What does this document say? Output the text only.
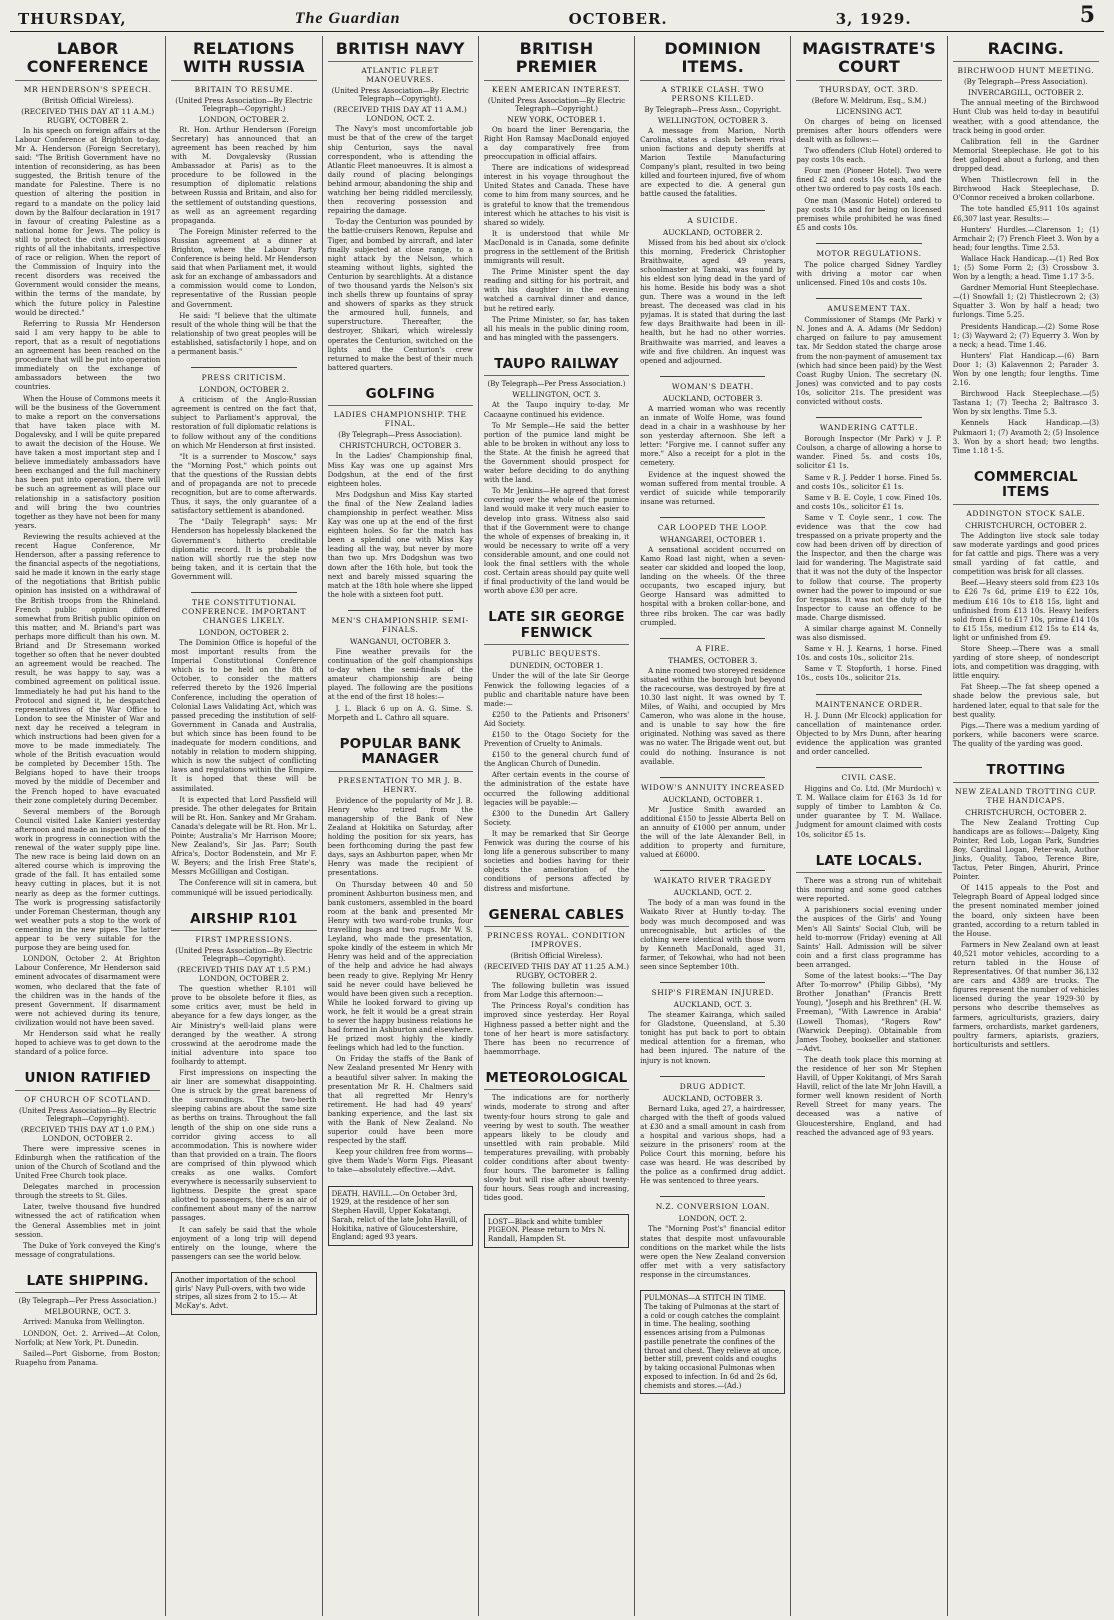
THURSDAY,	The Guardian	OCTOBER.	3, 1929.	5
LABOR CONFERENCE
MR HENDERSON'S SPEECH.
(British Official Wireless).
(RECEIVED THIS DAY AT 11 A.M.) RUGBY, OCTOBER 2.

In his speech on foreign affairs at the Labour Conference at Brighton to-day, Mr A. Henderson (Foreign Secretary), said: "The British Government have no intention of reconsidering, as has been suggested, the British tenure of the mandate for Palestine. There is no question of altering the position in regard to a mandate on the policy laid down by the Balfour declaration in 1917 in favour of creating Palestine as a national home for Jews. The policy is still to protect the civil and religious rights of all the inhabitants, irrespective of race or religion. When the report of the Commission of Inquiry into the recent disorders was received the Government would consider the means, within the terms of the mandate, by which the future policy in Palestine would be directed."

Referring to Russia Mr Henderson said I am very happy to be able to report, that as a result of negotiations an agreement has been reached on the procedure that will be put into operation immediately on the exchange of ambassadors between the two countries.

When the House of Commons meets it will be the business of the Government to make a report on the conversations that have taken place with M. Dogalevsky, and I will be quite prepared to await the decision of the House. We have taken a most important step and I believe immediately ambassadors have been exchanged and the full machinery has been put into operation, there will be such an agreement as will place our relationship in a satisfactory position and will bring the two countries together as they have not been for many years.

Reviewing the results achieved at the recent Hague Conference, Mr Henderson, after a passing reference to the financial aspects of the negotiations, said he made it known in the early stage of the negotiations that British public opinion has insisted on a withdrawal of the British troops from the Rhineland. French public opinion differed somewhat from British public opinion on this matter, and M. Briand's part was perhaps more difficult than his own. M. Briand and Dr Stresemann worked together so often that he never doubted an agreement would be reached. The result, he was happy to say, was a combined agreement on political issue. Immediately he had put his hand to the Protocol and signed it, he despatched representatives of the War Office to London to see the Minister of War and next day he received a telegram in which instructions had been given for a move to be made immediately. The whole of the British evacuation would be completed by December 15th. The Belgians hoped to have their troops moved by the middle of December and the French hoped to have evacuated their zone completely during December.

Several members of the Borough Council visited Lake Kanieri yesterday afternoon and made an inspection of the work in progress in connection with the renewal of the water supply pipe line. The new race is being laid down on an altered course which is improving the grade of the fall. It has entailed some heavy cutting in places, but it is not nearly as deep as the former cuttings. The work is progressing satisfactorily under Foreman Chesterman, though any wet weather puts a stop to the work of cementing in the new pipes. The latter appear to be very suitable for the purpose they are being used for.

LONDON, October 2. At Brighton Labour Conference, Mr Henderson said eminent advocates of disarmament were women, who declared that the fate of the children was in the hands of the present Government. If disarmament were not achieved during its tenure, civilization would not have been saved.

Mr Henderson said what he really hoped to achieve was to get down to the standard of a police force.

UNION RATIFIED
OF CHURCH OF SCOTLAND.
(United Press Association—By Electric Telegraph—Copyright).
(RECEIVED THIS DAY AT 1.0 P.M.) LONDON, OCTOBER 2.

There were impressive scenes in Edinburgh when the ratification of the union of the Church of Scotland and the United Free Church took place.

Delegates marched in procession through the streets to St. Giles.

Later, twelve thousand five hundred witnessed the act of ratification when the General Assemblies met in joint session.

The Duke of York conveyed the King's message of congratulations.

LATE SHIPPING.
(By Telegraph—Per Press Association.)
MELBOURNE, OCT. 3.

Arrived: Manuka from Wellington.

LONDON, Oct. 2. Arrived—At Colon, Norfolk; at New York, Pt. Dunedin.

Sailed—Port Gisborne, from Boston; Ruapehu from Panama.

RELATIONS WITH RUSSIA
BRITAIN TO RESUME.
(United Press Association—By Electric Telegraph—Copyright.)
LONDON, OCTOBER 2.

Rt. Hon. Arthur Henderson (Foreign Secretary) has announced that an agreement has been reached by him with M. Dovgalevsky (Russian Ambassador at Paris) as to the procedure to be followed in the resumption of diplomatic relations between Russia and Britain, and also for the settlement of outstanding questions, as well as an agreement regarding propaganda.

The Foreign Minister referred to the Russian agreement at a dinner at Brighton, where the Labour Party Conference is being held. Mr Henderson said that when Parliament met, it would ask for an exchange of ambassadors and a commission would come to London, representative of the Russian people and Government.

He said: "I believe that the ultimate result of the whole thing will be that the relationship of two great peoples will be established, satisfactorily I hope, and on a permanent basis."

PRESS CRITICISM.
LONDON, OCTOBER 2.

A criticism of the Anglo-Russian agreement is centred on the fact that, subject to Parliament's approval, the restoration of full diplomatic relations is to follow without any of the conditions on which Mr Henderson at first insisted.

"It is a surrender to Moscow," says the "Morning Post," which points out that the questions of the Russian debts and of propaganda are not to precede recognition, but are to come afterwards. Thus, it says, the only guarantee of a satisfactory settlement is abandoned.

The "Daily Telegraph" says: Mr Henderson has hopelessly blackened the Government's hitherto creditable diplomatic record. It is probable the nation will shortly rue the step now being taken, and it is certain that the Government will.

THE CONSTITUTIONAL CONFERENCE. IMPORTANT CHANGES LIKELY.
LONDON, OCTOBER 2.

The Dominion Office is hopeful of the most important results from the Imperial Constitutional Conference which is to be held on the 8th of October, to consider the matters referred thereto by the 1926 Imperial Conference, including the operation of Colonial Laws Validating Act, which was passed preceding the institution of self-Government in Canada and Australia, but which since has been found to be inadequate for modern conditions, and notably in relation to modern shipping, which is now the subject of conflicting laws and regulations within the Empire. It is hoped that these will be assimilated.

It is expected that Lord Passfield will preside. The other delegates for Britain will be Rt. Hon. Sankey and Mr Graham. Canada's delegate will be Rt. Hon. Mr L. Pointe; Australia's Mr Harrison Moore; New Zealand's, Sir Jas. Parr; South Africa's, Doctor Bodenstein, and Mr F. W. Beyers; and the Irish Free State's, Messrs McGilligan and Costigan.

The Conference will sit in camera, but communiqué will be issued periodically.

AIRSHIP R101
FIRST IMPRESSIONS.
(United Press Association—By Electric Telegraph—Copyright).
(RECEIVED THIS DAY AT 1.5 P.M.) LONDON, OCTOBER 2.

The question whether R.101 will prove to be obsolete before it flies, as some critics aver, must be held in abeyance for a few days longer, as the Air Ministry's well-laid plans were deranged by the weather. A strong crosswind at the aerodrome made the initial adventure into space too foolhardy to attempt.

First impressions on inspecting the air liner are somewhat disappointing. One is struck by the great bareness of the surroundings. The two-berth sleeping cabins are about the same size as berths on trains. Throughout the fall length of the ship on one side runs a corridor giving access to all accommodation. This is nowhere wider than that provided on a train. The floors are comprised of thin plywood which creaks as one walks. Comfort everywhere is necessarily subservient to lightness. Despite the great space allotted to passengers, there is an air of confinement about many of the narrow passages.

It can safely be said that the whole enjoyment of a long trip will depend entirely on the lounge, where the passengers can see the world below.

Another importation of the school girls' Navy Pull-overs, with two wide stripes, all sizes from 2 to 15.— At McKay's. Advt.
BRITISH NAVY
ATLANTIC FLEET MANOEUVRES.
(United Press Association—By Electric Telegraph—Copyright).
(RECEIVED THIS DAY AT 11 A.M.) LONDON, OCT. 2.

The Navy's most uncomfortable job must be that of the crew of the target ship Centurion, says the naval correspondent, who is attending the Atlantic Fleet manoeuvres. It is almost a daily round of placing belongings behind armour, abandoning the ship and watching her being riddled mercilessly, then recovering possession and repairing the damage.

To-day the Centurion was pounded by the battle-cruisers Renown, Repulse and Tiger, and bombed by aircraft, and later finally subjected at close range, to a night attack by the Nelson, which steaming without lights, sighted the Centurion by searchlights. At a distance of two thousand yards the Nelson's six inch shells threw up fountains of spray and showers of sparks as they struck the armoured hull, funnels, and superstructure. Thereafter, the destroyer, Shikari, which wirelessly operates the Centurion, switched on the lights and the Centurion's crew returned to make the best of their much battered quarters.

GOLFING
LADIES CHAMPIONSHIP. THE FINAL.
(By Telegraph—Press Association).
CHRISTCHURCH, OCTOBER 3.

In the Ladies' Championship final, Miss Kay was one up against Mrs Dodgshun, at the end of the first eighteen holes.

Mrs Dodgshun and Miss Kay started the final of the New Zealand ladies championship in perfect weather. Miss Kay was one up at the end of the first eighteen holes. So far the match has been a splendid one with Miss Kay leading all the way, but never by more than two up. Mrs Dodgshun was two down after the 16th hole, but took the next and barely missed squaring the match at the 18th hole where she lipped the hole with a sixteen foot putt.

MEN'S CHAMPIONSHIP. SEMI-FINALS.
WANGANUI, OCTOBER 3.

Fine weather prevails for the continuation of the golf championships to-day when the semi-finals of the amateur championship are being played. The following are the positions at the end of the first 18 holes:—

J. L. Black 6 up on A. G. Sime. S. Morpeth and L. Cathro all square.

POPULAR BANK MANAGER
PRESENTATION TO MR J. B. HENRY.

Evidence of the popularity of Mr J. B. Henry who retired from the managership of the Bank of New Zealand at Hokitika on Saturday, after holding the position for six years, has been forthcoming during the past few days, says an Ashburton paper, when Mr Henry was made the recipient of presentations.

On Thursday between 40 and 50 prominent Ashburton business men, and bank customers, assembled in the board room at the bank and presented Mr Henry with two ward-robe trunks, four travelling bags and two rugs. Mr W. S. Leyland, who made the presentation, spoke kindly of the esteem in which Mr Henry was held and of the appreciation of the help and advice he had always been ready to give. Replying Mr Henry said he never could have believed he would have been given such a reception. While he looked forward to giving up work, he felt it would be a great strain to sever the happy business relations he had formed in Ashburton and elsewhere. He prized most highly the kindly feelings which had led to the function.

On Friday the staffs of the Bank of New Zealand presented Mr Henry with a beautiful silver salver. In making the presentation Mr R. H. Chalmers said that all regretted Mr Henry's retirement. He had had 49 years' banking experience, and the last six with the Bank of New Zealand. No superior could have been more respected by the staff.

Keep your children free from worms—give them Wade's Worm Figs. Pleasant to take—absolutely effective.—Advt.

DEATH. HAVILL.—On October 3rd, 1929, at the residence of her son Stephen Havill, Upper Kokatangi, Sarah, relict of the late John Havill, of Hokitika, native of Gloucestershire, England; aged 93 years.
BRITISH PREMIER
KEEN AMERICAN INTEREST.
(United Press Association—By Electric Telegraph—Copyright.)
NEW YORK, OCTOBER 1.

On board the liner Berengaria, the Right Hon Ramsay MacDonald enjoyed a day comparatively free from preoccupation in official affairs.

There are indications of widespread interest in his voyage throughout the United States and Canada. These have come to him from many sources, and he is grateful to know that the tremendous interest which he attaches to his visit is shared so widely.

It is understood that while Mr MacDonald is in Canada, some definite progress in the settlement of the British immigrants will result.

The Prime Minister spent the day reading and sitting for his portrait, and with his daughter in the evening watched a carnival dinner and dance, but he retired early.

The Prime Minister, so far, has taken all his meals in the public dining room, and has mingled with the passengers.

TAUPO RAILWAY
(By Telegraph—Per Press Association.)
WELLINGTON, OCT. 3.

At the Taupo inquiry to-day, Mr Cacaayne continued his evidence.

To Mr Semple—He said the better portion of the pumice land might be able to be broken in without any loss to the State. At the finish he agreed that the Government should prospect for water before deciding to do anything with the land.

To Mr Jenkins—He agreed that forest covering over the whole of the pumice land would make it very much easier to develop into grass. Witness also said that if the Government were to change the whole of expenses of breaking in, it would be necessary to write off a very considerable amount, and one could not look the final settlers with the whole cost. Certain areas should pay quite well if final productivity of the land would be worth above £30 per acre.

LATE SIR GEORGE FENWICK
PUBLIC BEQUESTS.
DUNEDIN, OCTOBER 1.

Under the will of the late Sir George Fenwick the following legacies of a public and charitable nature have been made:—

£250 to the Patients and Prisoners' Aid Society.

£150 to the Otago Society for the Prevention of Cruelty to Animals.

£150 to the general church fund of the Anglican Church of Dunedin.

After certain events in the course of the administration of the estate have occurred the following additional legacies will be payable:—

£300 to the Dunedin Art Gallery Society.

It may be remarked that Sir George Fenwick was during the course of his long life a generous subscriber to many societies and bodies having for their objects the amelioration of the conditions of persons affected by distress and misfortune.

GENERAL CABLES
PRINCESS ROYAL. CONDITION IMPROVES.
(British Official Wireless).
(RECEIVED THIS DAY AT 11.25 A.M.) RUGBY, OCTOBER 2.

The following bulletin was issued from Mar Lodge this afternoon:—

The Princess Royal's condition has improved since yesterday. Her Royal Highness passed a better night and the tone of her heart is more satisfactory. There has been no recurrence of haemmorrhage.

METEOROLOGICAL

The indications are for northerly winds, moderate to strong and after twenty-four hours strong to gale and veering by west to south. The weather appears likely to be cloudy and unsettled with rain probable. Mild temperatures prevailing, with probably colder conditions after about twenty-four hours. The barometer is falling slowly but will rise after about twenty-four hours. Seas rough and increasing, tides good.

LOST—Black and white tumbler PIGEON. Please return to Mrs N. Randall, Hampden St.
DOMINION ITEMS.
A STRIKE CLASH. TWO PERSONS KILLED.
By Telegraph—Press Assn., Copyright.
WELLINGTON, OCTOBER 3.

A message from Marion, North Carolina, states a clash between rival union factions and deputy sheriffs at Marion Textile Manufacturing Company's plant, resulted in two being killed and fourteen injured, five of whom are expected to die. A general gun battle caused the fatalities.

A SUICIDE.
AUCKLAND, OCTOBER 2.

Missed from his bed about six o'clock this morning, Frederick Christopher Braithwaite, aged 49 years, schoolmaster at Tamaki, was found by his eldest son lying dead in the yard of his home. Beside his body was a shot gun. There was a wound in the left breast. The deceased was clad in his pyjamas. It is stated that during the last few days Braithwaite had been in ill-health, but he had no other worries. Braithwaite was married, and leaves a wife and five children. An inquest was opened and adjourned.

WOMAN'S DEATH.
AUCKLAND, OCTOBER 3.

A married woman who was recently an inmate of Wolfe Home, was found dead in a chair in a washhouse by her son yesterday afternoon. She left a letter: "Forgive me. I cannot suffer any more." Also a receipt for a plot in the cemetery.

Evidence at the inquest showed the woman suffered from mental trouble. A verdict of suicide while temporarily insane was returned.

CAR LOOPED THE LOOP.
WHANGAREI, OCTOBER 1.

A sensational accident occurred on Kamo Road last night, when a seven-seater car skidded and looped the loop, landing on the wheels. Of the three occupants, two escaped injury, but George Hansard was admitted to hospital with a broken collar-bone, and three ribs broken. The car was badly crumpled.

A FIRE.
THAMES, OCTOBER 3.

A nine roomed two storeyed residence situated within the borough but beyond the racecourse, was destroyed by fire at 10.30 last night. It was owned by T. Miles, of Waihi, and occupied by Mrs Cameron, who was alone in the house, and is unable to say how the fire originated. Nothing was saved as there was no water. The Brigade went out, but could do nothing. Insurance is not available.

WIDOW'S ANNUITY INCREASED
AUCKLAND, OCTOBER 1.

Mr Justice Smith awarded an additional £150 to Jessie Alberta Bell on an annuity of £1000 per annum, under the will of the late Alexander Bell, in addition to property and furniture, valued at £6000.

WAIKATO RIVER TRAGEDY
AUCKLAND, OCT. 2.

The body of a man was found in the Waikato River at Huntly to-day. The body was much decomposed and was unrecognisable, but articles of the clothing were identical with those worn by Kenneth MacDonald, aged 31, farmer, of Tekowhai, who had not been seen since September 10th.

SHIP'S FIREMAN INJURED.
AUCKLAND, OCT. 3.

The steamer Kairanga, which sailed for Gladstone, Queensland, at 5.30 tonight has put back to port to obtain medical attention for a fireman, who had been injured. The nature of the injury is not known.

DRUG ADDICT.
AUCKLAND, OCTOBER 3.

Bernard Luka, aged 27, a hairdresser, charged with the theft of goods valued at £30 and a small amount in cash from a hospital and various shops, had a seizure in the prisoners' room at the Police Court this morning, before his case was heard. He was described by the police as a confirmed drug addict. He was sentenced to three years.

N.Z. CONVERSION LOAN.
LONDON, OCT. 2.

The "Morning Post's" financial editor states that despite most unfavourable conditions on the market while the lists were open the New Zealand conversion offer met with a very satisfactory response in the circumstances.

PULMONAS—A STITCH IN TIME. The taking of Pulmonas at the start of a cold or cough catches the complaint in time. The healing, soothing essences arising from a Pulmonas pastille penetrate the confines of the throat and chest. They relieve at once, better still, prevent colds and coughs by taking occasional Pulmonas when exposed to infection. In 6d and 2s 6d, chemists and stores.—(Ad.)
MAGISTRATE'S COURT
THURSDAY, OCT. 3RD.
(Before W. Meldrum, Esq., S.M.)
LICENSING ACT.

On charges of being on licensed premises after hours offenders were dealt with as follows:—

Two offenders (Club Hotel) ordered to pay costs 10s each.

Four men (Pioneer Hotel). Two were fined £2 and costs 10s each, and the other two ordered to pay costs 10s each.

One man (Masonic Hotel) ordered to pay costs 10s and for being on licensed premises while prohibited he was fined £5 and costs 10s.

MOTOR REGULATIONS.

The police charged Sidney Yardley with driving a motor car when unlicensed. Fined 10s and costs 10s.

AMUSEMENT TAX.

Commissioner of Stamps (Mr Park) v N. Jones and A. A. Adams (Mr Seddon) charged on failure to pay amusement tax. Mr Seddon stated the charge arose from the non-payment of amusement tax (which had since been paid) by the West Coast Rugby Union. The secretary (N. Jones) was convicted and to pay costs 10s, solicitor 21s. The president was convicted without costs.

WANDERING CATTLE.

Borough Inspector (Mr Park) v J. P. Coulson, a charge of allowing a horse to wander. Fined 5s. and costs 10s, solicitor £1 1s.

Same v R. J. Pedder 1 horse. Fined 5s. and costs 10s., solicitor £1 1s.

Same v B. E. Coyle, 1 cow. Fined 10s. and costs 10s., solicitor £1 1s.

Same v T. Coyle senr., 1 cow. The evidence was that the cow had trespassed on a private property and the cow had been driven off by direction of the Inspector, and then the charge was laid for wandering. The Magistrate said that it was not the duty of the Inspector to follow that course. The property owner had the power to impound or sue for trespass. It was not the duty of the Inspector to cause an offence to be made. Charge dismissed.

A similar charge against M. Connelly was also dismissed.

Same v H. J. Kearns, 1 horse. Fined 10s. and costs 10s., solicitor 21s.

Same v T. Stopforth, 1 horse. Fined 10s., costs 10s., solicitor 21s.

MAINTENANCE ORDER.

H. J. Dunn (Mr Elcock) application for cancellation of maintenance order. Objected to by Mrs Dunn, after hearing evidence the application was granted and order cancelled.

CIVIL CASE.

Higgins and Co. Ltd. (Mr Murdoch) v. T. M. Wallace claim for £163 3s 1d for supply of timber to Lambton & Co. under guarantee by T. M. Wallace. Judgment for amount claimed with costs 10s, solicitor £5 1s.

LATE LOCALS.

There was a strong run of whitebait this morning and some good catches were reported.

A parishioners social evening under the auspices of the Girls' and Young Men's All Saints' Social Club, will be held to-morrow (Friday) evening at All Saints' Hall. Admission will be silver coin and a first class programme has been arranged.

Some of the latest books:—"The Day After To-morrow" (Philip Gibbs), "My Brother Jonathan" (Francis Brett Young), "Joseph and his Brethren" (H. W. Freeman), "With Lawrence in Arabia" (Lowell Thomas), "Rogers Row" (Warwick Deeping). Obtainable from James Toohey, bookseller and stationer.—Advt.

The death took place this morning at the residence of her son Mr Stephen Havill, of Upper Kokitangi, of Mrs Sarah Havill, relict of the late Mr John Havill, a former well known resident of North Revell Street for many years. The deceased was a native of Gloucestershire, England, and had reached the advanced age of 93 years.

RACING.
BIRCHWOOD HUNT MEETING.
(By Telegraph—Press Association).
INVERCARGILL, OCTOBER 2.

The annual meeting of the Birchwood Hunt Club was held to-day in beautiful weather, with a good attendance, the track being in good order.

Calibration fell in the Gardner Memorial Steeplechase. He got to his feet galloped about a furlong, and then dropped dead.

When Thistlecrown fell in the Birchwood Hack Steeplechase, D. O'Connor received a broken collarbone.

The tote handled £5,911 10s against £6,307 last year. Results:—

Hunters' Hurdles.—Clarenson 1; (1) Armchair 2; (7) French Fleet 3. Won by a head; four lengths. Time 2.53.

Wallace Hack Handicap.—(1) Red Box 1; (5) Some Form 2; (3) Crossbow 3. Won by a length; a head. Time 1.17 3-5.

Gardner Memorial Hunt Steeplechase.—(1) Snowfall 1; (2) Thistlecrown 2; (3) Squatter 3. Won by half a head; two furlongs. Time 5.25.

Presidents Handicap.—(2) Some Rose 1; (3) Wayward 2; (7) Equerry 3. Won by a neck; a head. Time 1.46.

Hunters' Flat Handicap.—(6) Barn Door 1; (3) Kalavennon 2; Parader 3. Won by one length; four lengths. Time 2.16.

Birchwood Hack Steeplechase.—(5) Tastana 1; (7) Teecha 2; Baltrasco 3. Won by six lengths. Time 5.3.

Kennels Hack Handicap.—(3) Pukmaori 1; (7) Avamoth 2; (5) Insolence 3. Won by a short head; two lengths. Time 1.18 1-5.

COMMERCIAL ITEMS
ADDINGTON STOCK SALE.
CHRISTCHURCH, OCTOBER 2.

The Addington live stock sale today saw moderate yardings and good prices for fat cattle and pigs. There was a very small yarding of fat cattle, and competition was brisk for all classes.

Beef.—Heavy steers sold from £23 10s to £26 7s 6d, prime £19 to £22 10s, medium £16 10s to £18 15s, light and unfinished from £13 10s. Heavy heifers sold from £16 to £17 10s, prime £14 10s to £15 15s, medium £12 15s to £14 4s, light or unfinished from £9.

Store Sheep.—There was a small yarding of store sheep, of nondescript lots, and competition was dragging, with little enquiry.

Fat Sheep.—The fat sheep opened a shade below the previous sale, but hardened later, equal to that sale for the best quality.

Pigs.—There was a medium yarding of porkers, while baconers were scarce. The quality of the yarding was good.

TROTTING
NEW ZEALAND TROTTING CUP. THE HANDICAPS.
CHRISTCHURCH, OCTOBER 2.

The New Zealand Trotting Cup handicaps are as follows:—Dalgety, King Pointer, Red Lob, Logan Park, Sundries Boy, Cardinal Logan, Peter-wah, Author Jinks, Quality, Taboo, Terence Bire, Tactus, Peter Bingen, Ahuriri, Prince Pointer.

Of 1415 appeals to the Post and Telegraph Board of Appeal lodged since the present nominated member joined the board, only sixteen have been granted, according to a return tabled in the House.

Farmers in New Zealand own at least 40,521 motor vehicles, according to a return tabled in the House of Representatives. Of that number 36,132 are cars and 4389 are trucks. The figures represent the number of vehicles licensed during the year 1929-30 by persons who describe themselves as farmers, agriculturists, graziers, dairy farmers, orchardists, market gardeners, poultry farmers, apiarists, graziers, horticulturists and settlers.
